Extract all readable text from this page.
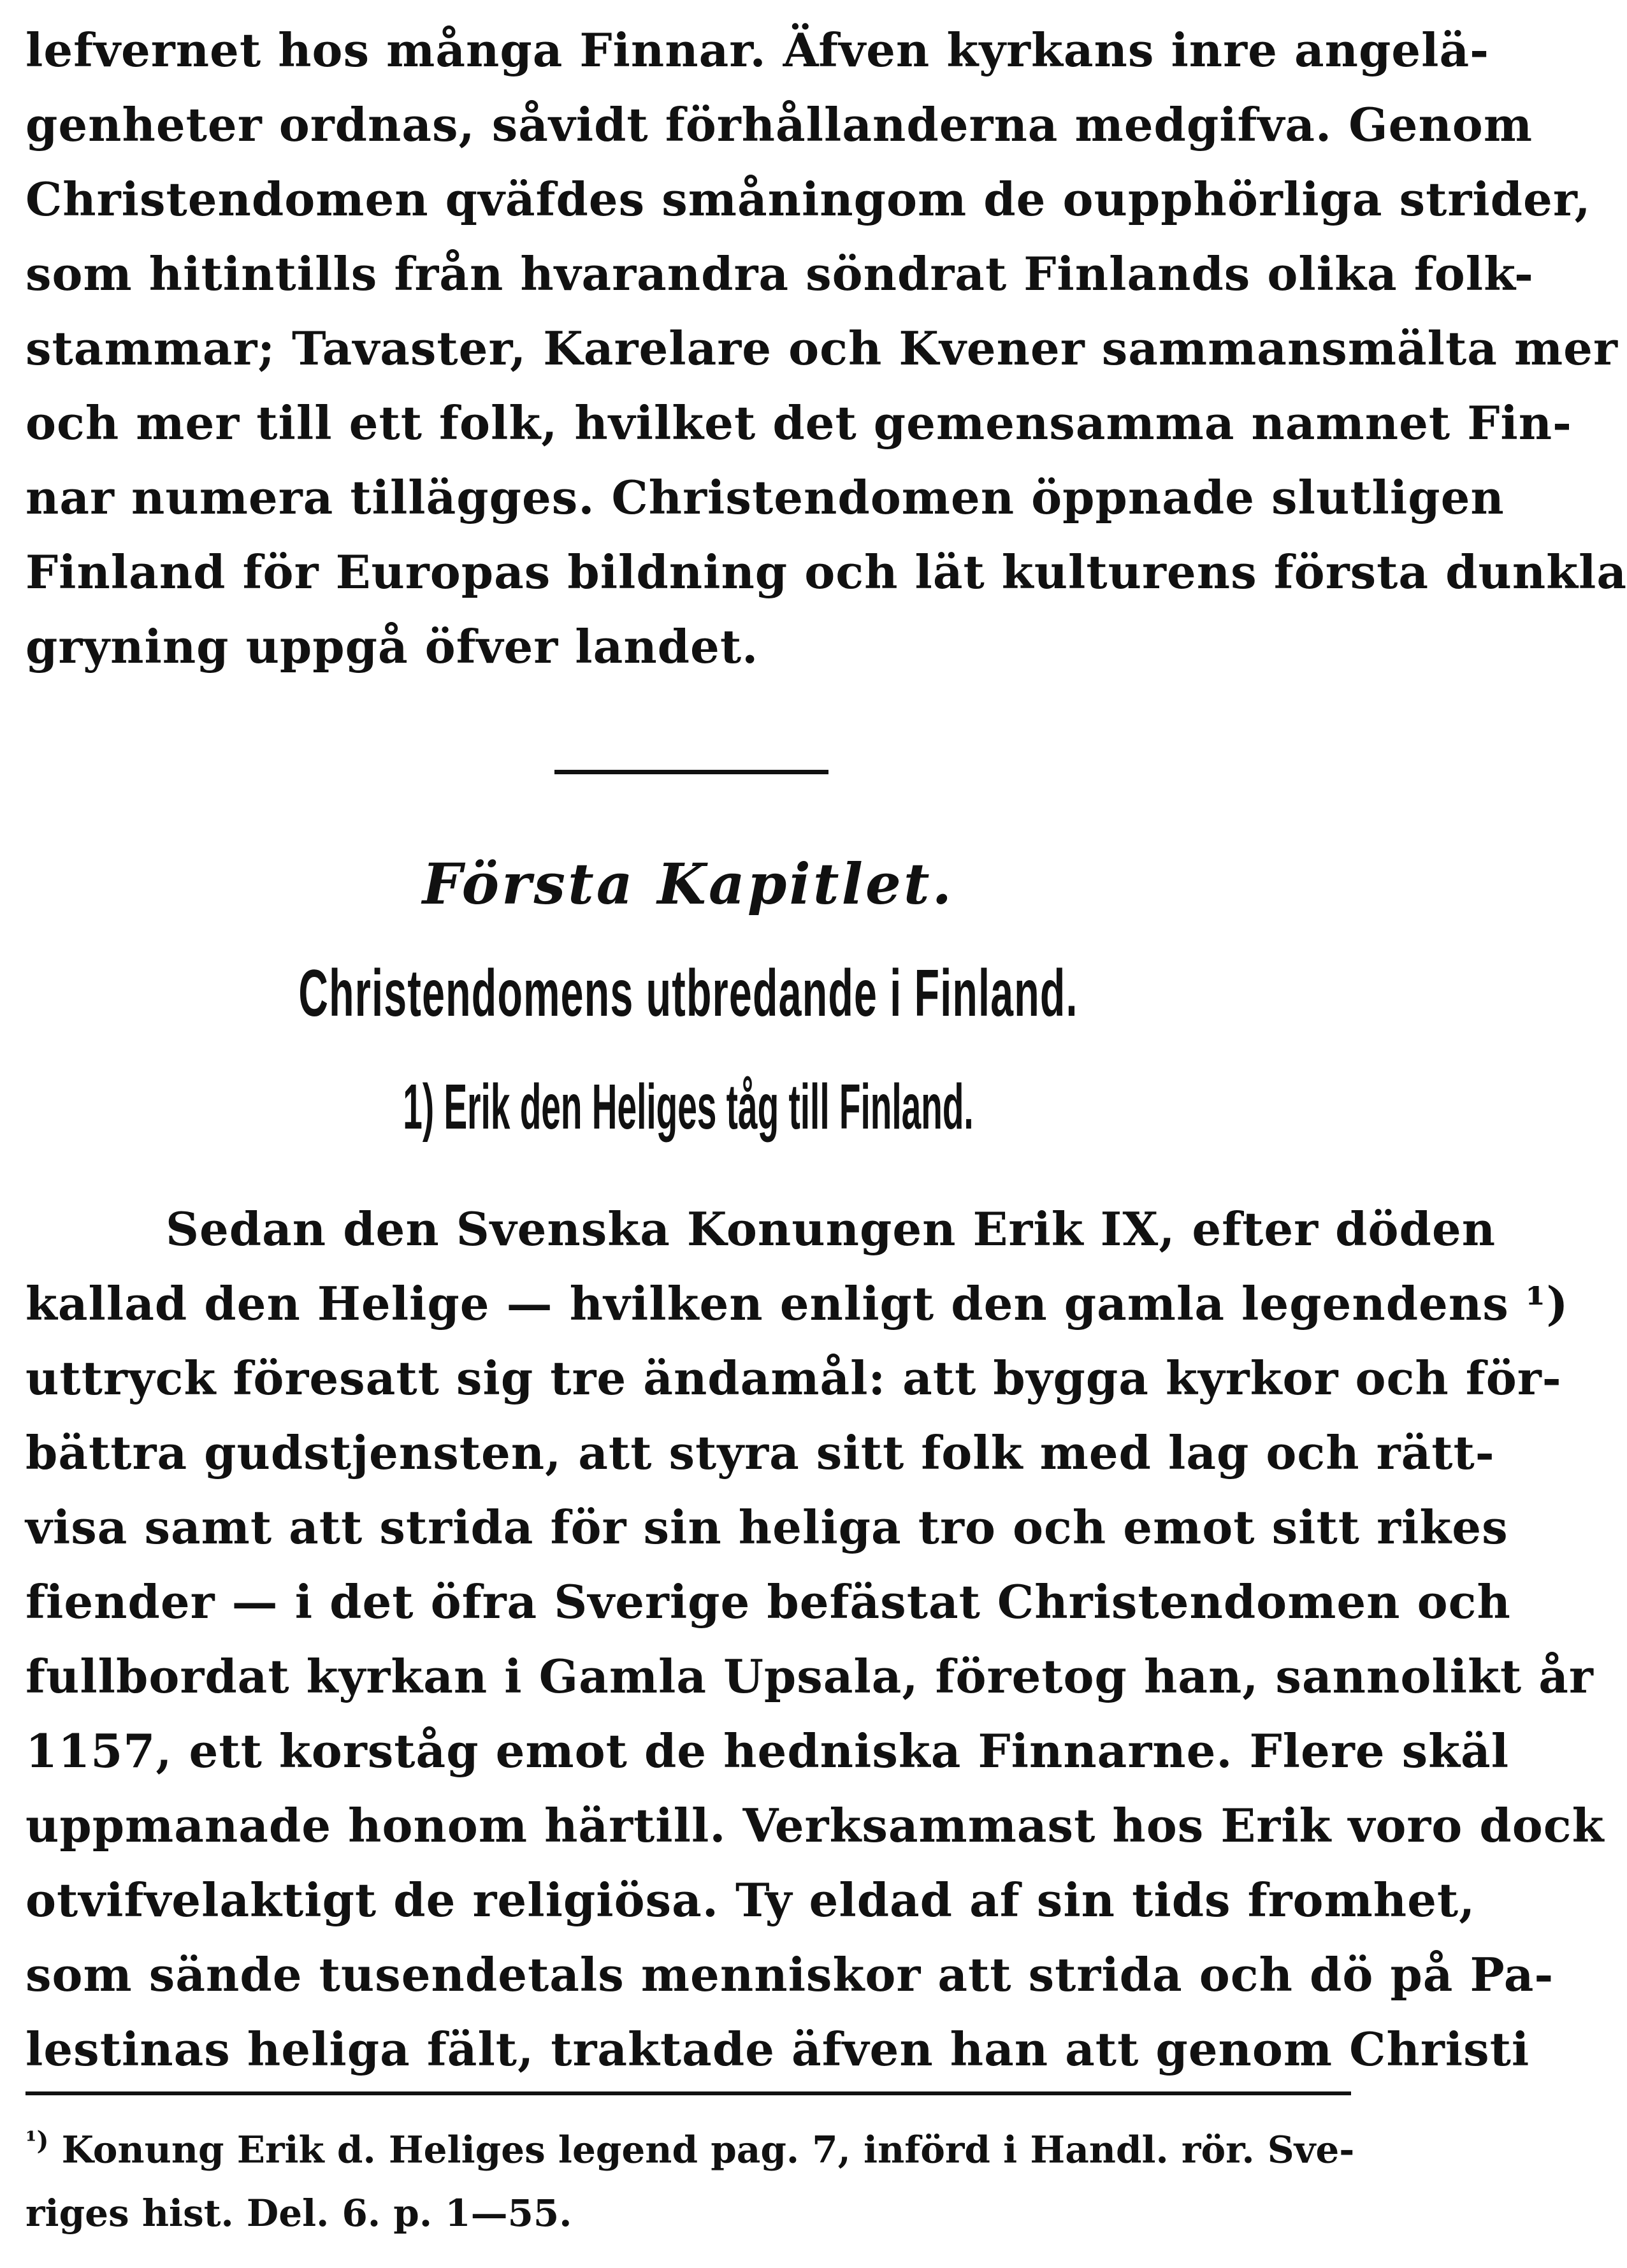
lefvernet hos många Finnar. Äfven kyrkans inre angelä-
genheter ordnas, såvidt förhållanderna medgifva. Genom
Christendomen qväfdes småningom de oupphörliga strider,
som hitintills från hvarandra söndrat Finlands olika folk-
stammar; Tavaster, Karelare och Kvener sammansmälta mer
och mer till ett folk, hvilket det gemensamma namnet Fin-
nar numera tillägges. Christendomen öppnade slutligen
Finland för Europas bildning och lät kulturens första dunkla
gryning uppgå öfver landet.
Första Kapitlet.
Christendomens utbredande i Finland.
1) Erik den Heliges tåg till Finland.
Sedan den Svenska Konungen Erik IX, efter döden
kallad den Helige — hvilken enligt den gamla legendens ¹)
uttryck föresatt sig tre ändamål: att bygga kyrkor och för-
bättra gudstjensten, att styra sitt folk med lag och rätt-
visa samt att strida för sin heliga tro och emot sitt rikes
fiender — i det öfra Sverige befästat Christendomen och
fullbordat kyrkan i Gamla Upsala, företog han, sannolikt år
1157, ett korståg emot de hedniska Finnarne. Flere skäl
uppmanade honom härtill. Verksammast hos Erik voro dock
otvifvelaktigt de religiösa. Ty eldad af sin tids fromhet,
som sände tusendetals menniskor att strida och dö på Pa-
lestinas heliga fält, traktade äfven han att genom Christi
$^{^1)}$ Konung Erik d. Heliges legend pag. 7, införd i Handl. rör. Sve-
riges hist. Del. 6. p. 1—55.
